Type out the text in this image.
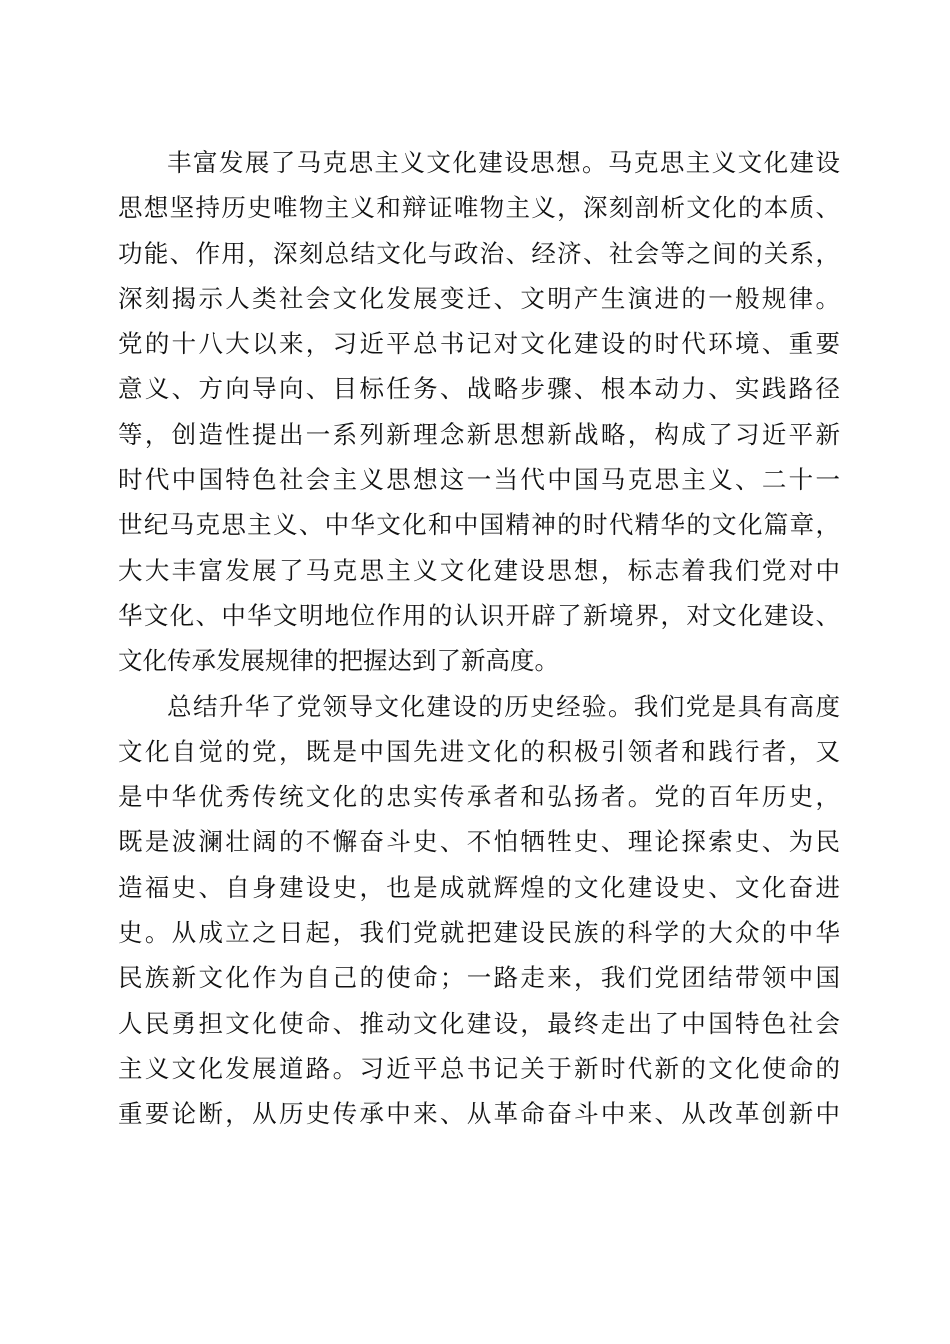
丰富发展了马克思主义文化建设思想。马克思主义文化建设
思想坚持历史唯物主义和辩证唯物主义，深刻剖析文化的本质、
功能、作用，深刻总结文化与政治、经济、社会等之间的关系，
深刻揭示人类社会文化发展变迁、文明产生演进的一般规律。
党的十八大以来，习近平总书记对文化建设的时代环境、重要
意义、方向导向、目标任务、战略步骤、根本动力、实践路径
等，创造性提出一系列新理念新思想新战略，构成了习近平新
时代中国特色社会主义思想这一当代中国马克思主义、二十一
世纪马克思主义、中华文化和中国精神的时代精华的文化篇章，
大大丰富发展了马克思主义文化建设思想，标志着我们党对中
华文化、中华文明地位作用的认识开辟了新境界，对文化建设、
文化传承发展规律的把握达到了新高度。
总结升华了党领导文化建设的历史经验。我们党是具有高度
文化自觉的党，既是中国先进文化的积极引领者和践行者，又
是中华优秀传统文化的忠实传承者和弘扬者。党的百年历史，
既是波澜壮阔的不懈奋斗史、不怕牺牲史、理论探索史、为民
造福史、自身建设史，也是成就辉煌的文化建设史、文化奋进
史。从成立之日起，我们党就把建设民族的科学的大众的中华
民族新文化作为自己的使命；一路走来，我们党团结带领中国
人民勇担文化使命、推动文化建设，最终走出了中国特色社会
主义文化发展道路。习近平总书记关于新时代新的文化使命的
重要论断，从历史传承中来、从革命奋斗中来、从改革创新中
